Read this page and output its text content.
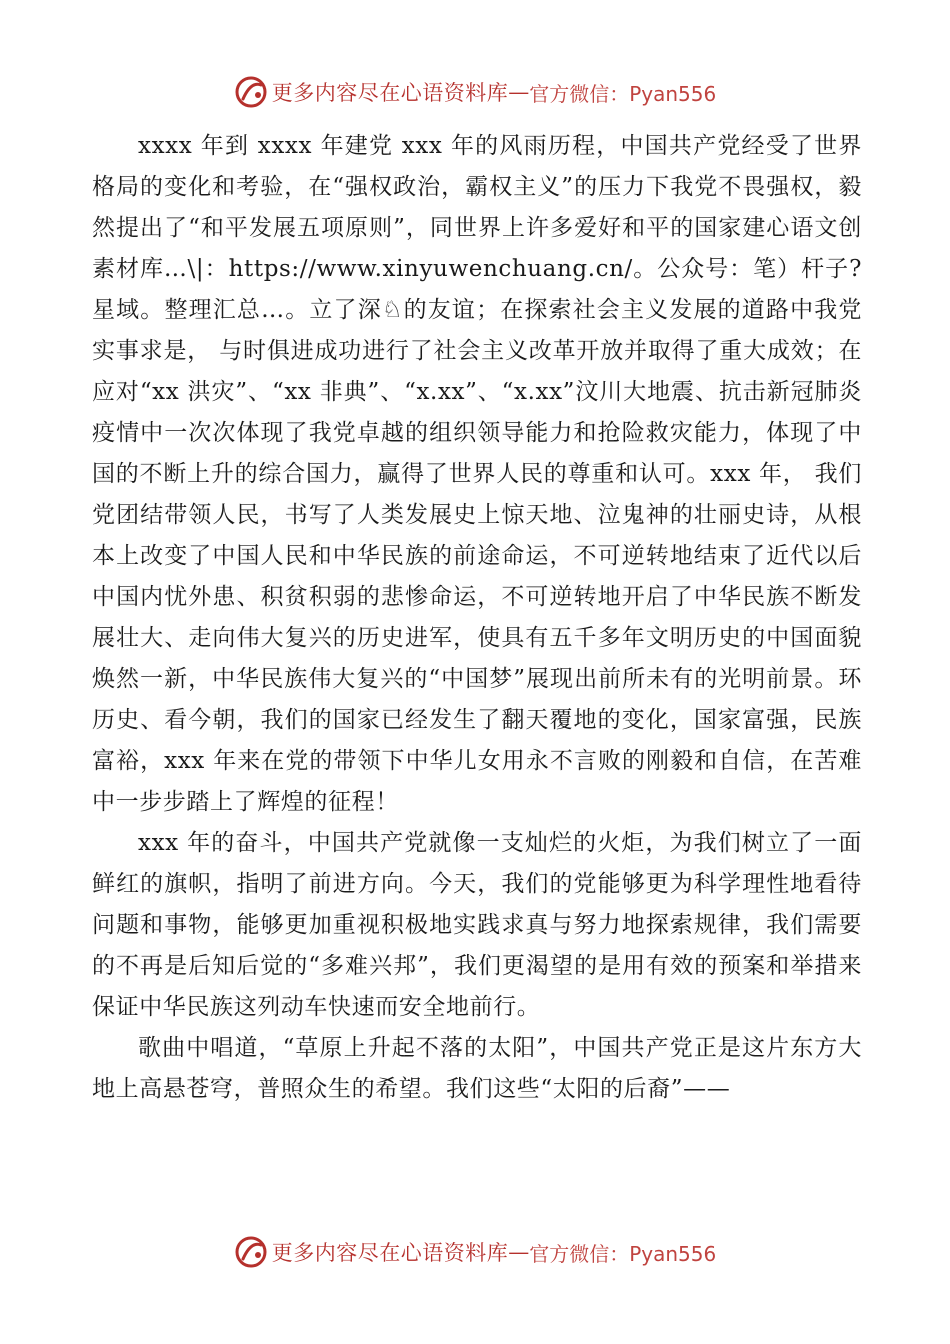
更多内容尽在心语资料库 — 官方微信：Pyan556

xxxx 年到 xxxx 年建党 xxx 年的风雨历程，中国共产党经受了世界格局的变化和考验，在“强权政治，霸权主义”的压力下我党不畏强权，毅然提出了“和平发展五项原则”，同世界上许多爱好和平的国家建心语文创素材库…\|：https://www.xinyuwenchuang.cn/。公众号：笔）杆子?星域。整理汇总…。立了深♘的友谊；在探索社会主义发展的道路中我党实事求是， 与时俱进成功进行了社会主义改革开放并取得了重大成效；在应对“xx 洪灾”、“xx 非典”、“x.xx”、“x.xx”汶川大地震、抗击新冠肺炎疫情中一次次体现了我党卓越的组织领导能力和抢险救灾能力，体现了中国的不断上升的综合国力，赢得了世界人民的尊重和认可。xxx 年， 我们党团结带领人民，书写了人类发展史上惊天地、泣鬼神的壮丽史诗，从根本上改变了中国人民和中华民族的前途命运，不可逆转地结束了近代以后中国内忧外患、积贫积弱的悲惨命运，不可逆转地开启了中华民族不断发展壮大、走向伟大复兴的历史进军，使具有五千多年文明历史的中国面貌焕然一新，中华民族伟大复兴的“中国梦”展现出前所未有的光明前景。环历史、看今朝，我们的国家已经发生了翻天覆地的变化，国家富强，民族富裕，xxx 年来在党的带领下中华儿女用永不言败的刚毅和自信，在苦难中一步步踏上了辉煌的征程！

xxx 年的奋斗，中国共产党就像一支灿烂的火炬，为我们树立了一面鲜红的旗帜，指明了前进方向。今天，我们的党能够更为科学理性地看待问题和事物，能够更加重视积极地实践求真与努力地探索规律，我们需要的不再是后知后觉的“多难兴邦”，我们更渴望的是用有效的预案和举措来保证中华民族这列动车快速而安全地前行。

歌曲中唱道，“草原上升起不落的太阳”，中国共产党正是这片东方大地上高悬苍穹，普照众生的希望。我们这些“太阳的后裔”——

更多内容尽在心语资料库 — 官方微信：Pyan556
